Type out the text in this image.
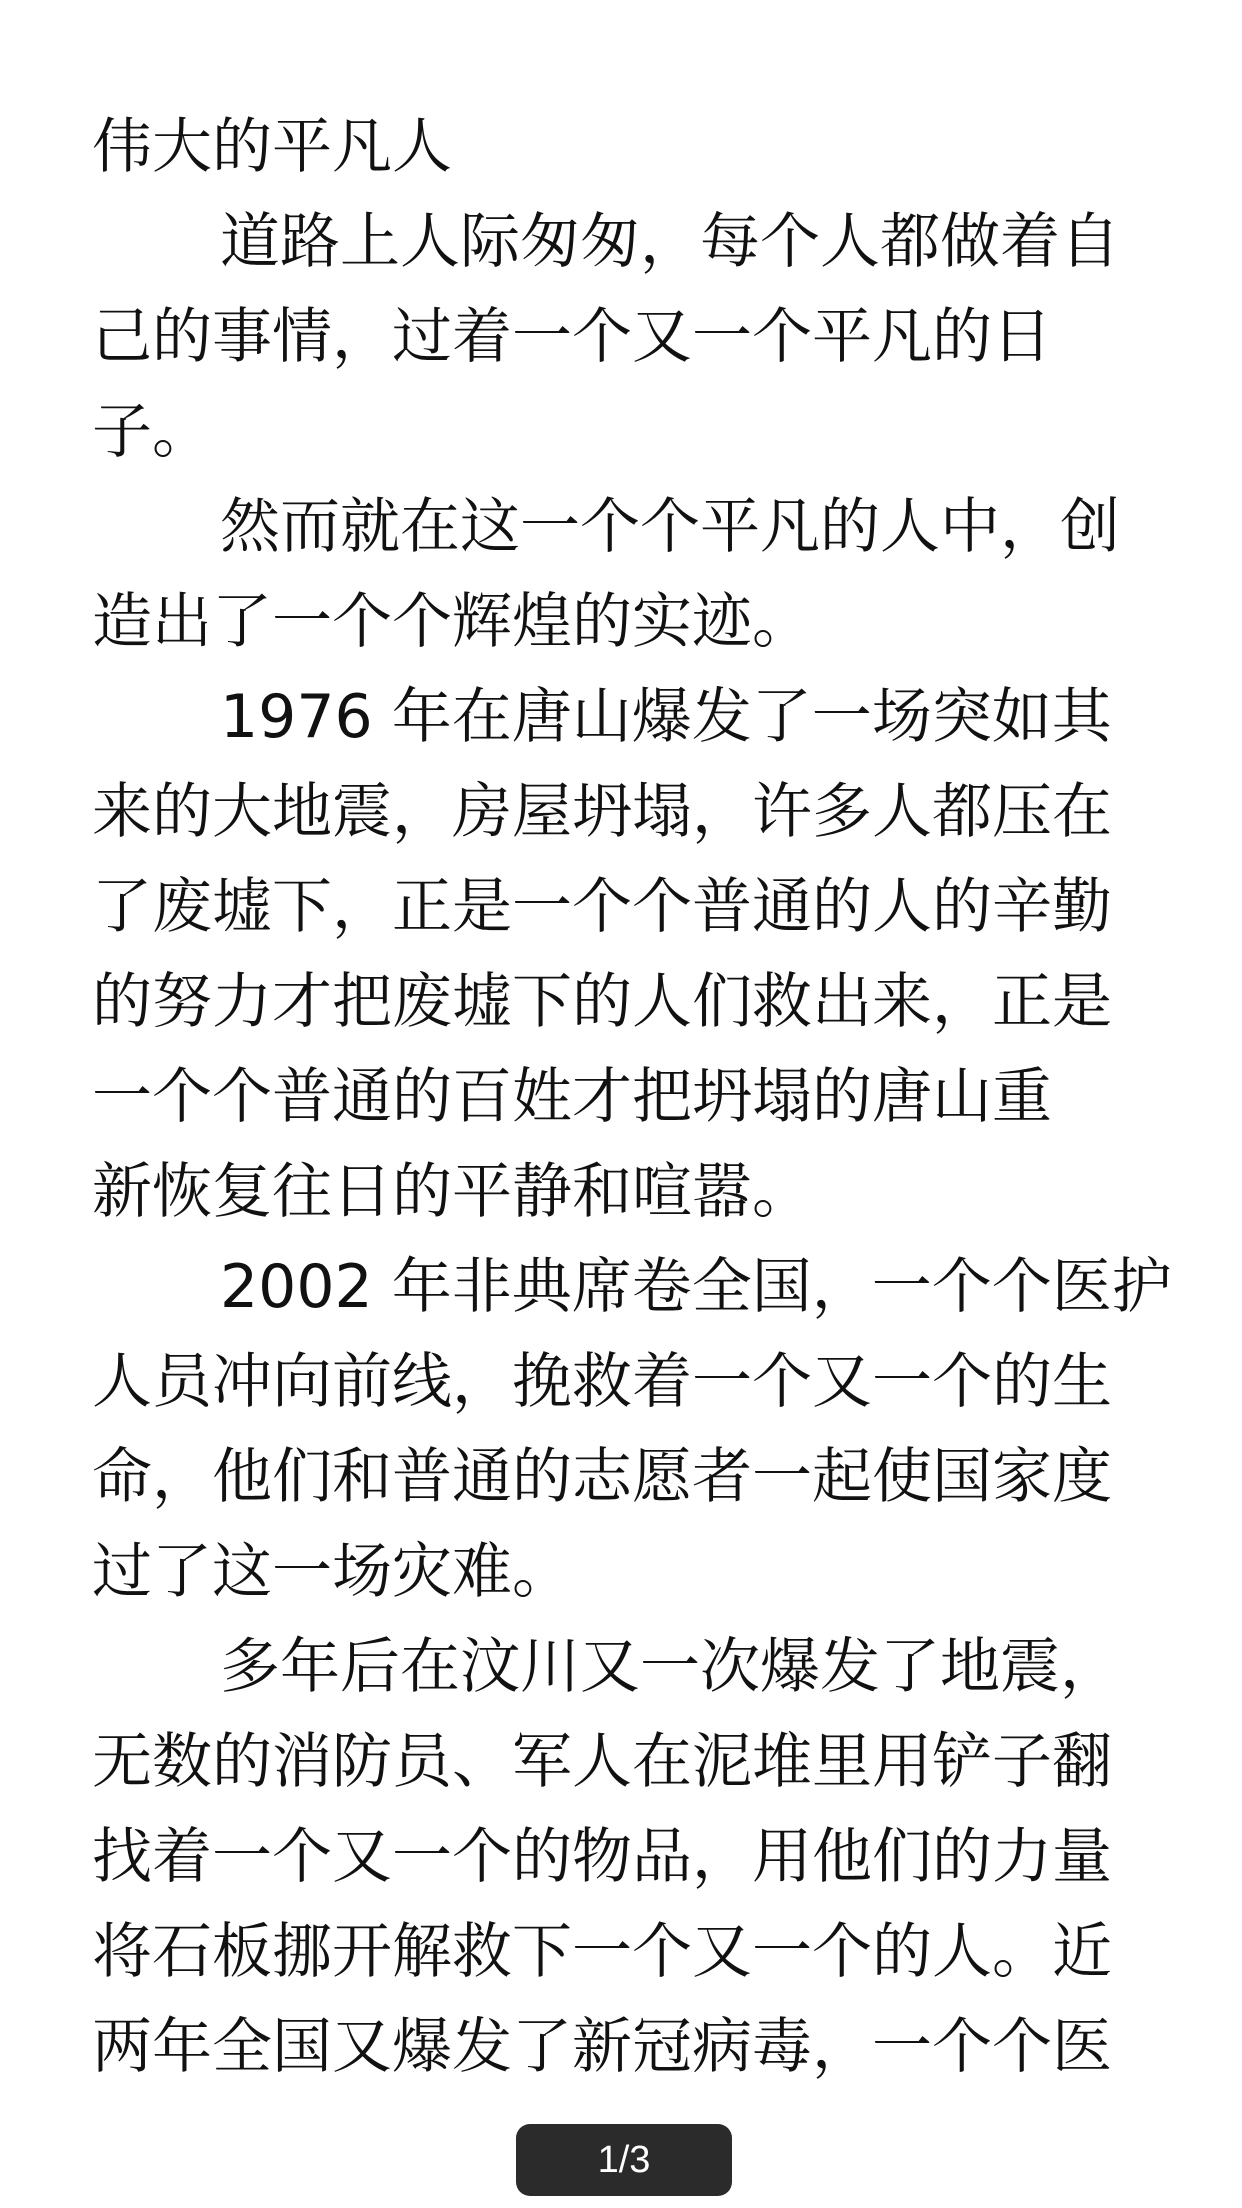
伟大的平凡人
道路上人际匆匆，每个人都做着自
己的事情，过着一个又一个平凡的日
子。
然而就在这一个个平凡的人中，创
造出了一个个辉煌的实迹。
1976 年在唐山爆发了一场突如其
来的大地震，房屋坍塌，许多人都压在
了废墟下，正是一个个普通的人的辛勤
的努力才把废墟下的人们救出来，正是
一个个普通的百姓才把坍塌的唐山重
新恢复往日的平静和喧嚣。
2002 年非典席卷全国，一个个医护
人员冲向前线，挽救着一个又一个的生
命，他们和普通的志愿者一起使国家度
过了这一场灾难。
多年后在汶川又一次爆发了地震，
无数的消防员、军人在泥堆里用铲子翻
找着一个又一个的物品，用他们的力量
将石板挪开解救下一个又一个的人。近
两年全国又爆发了新冠病毒，一个个医
1/3
